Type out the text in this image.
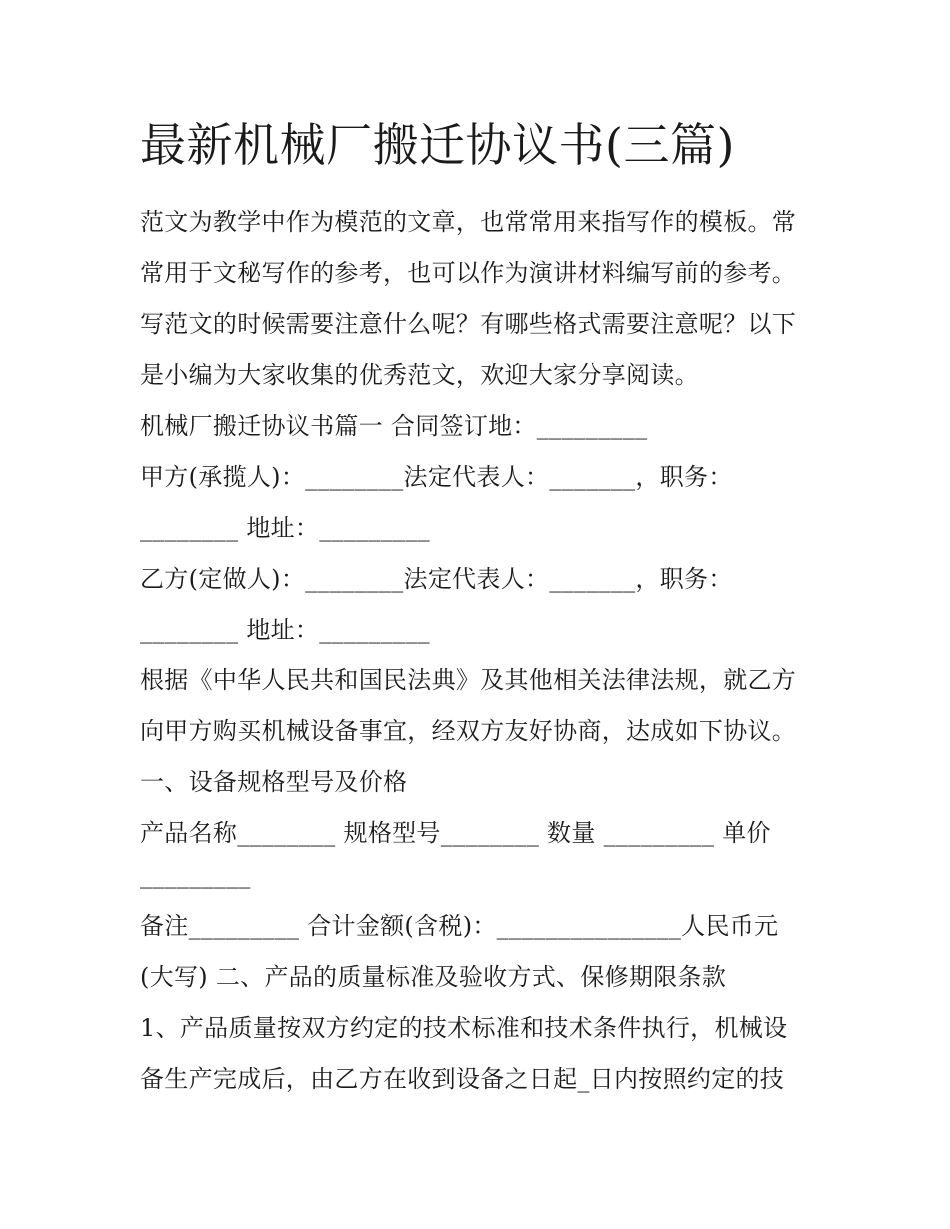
最新机械厂搬迁协议书(三篇)
范文为教学中作为模范的文章，也常常用来指写作的模板。常
常用于文秘写作的参考，也可以作为演讲材料编写前的参考。
写范文的时候需要注意什么呢？有哪些格式需要注意呢？以下
是小编为大家收集的优秀范文，欢迎大家分享阅读。
机械厂搬迁协议书篇一 合同签订地：_________
甲方(承揽人)：________法定代表人：_______，职务：
________ 地址：_________
乙方(定做人)：________法定代表人：_______，职务：
________ 地址：_________
根据《中华人民共和国民法典》及其他相关法律法规，就乙方
向甲方购买机械设备事宜，经双方友好协商，达成如下协议。
一、设备规格型号及价格
产品名称________ 规格型号________ 数量 _________ 单价
_________
备注_________ 合计金额(含税)：_______________人民币元
(大写) 二、产品的质量标准及验收方式、保修期限条款
1、产品质量按双方约定的技术标准和技术条件执行，机械设
备生产完成后，由乙方在收到设备之日起_日内按照约定的技
